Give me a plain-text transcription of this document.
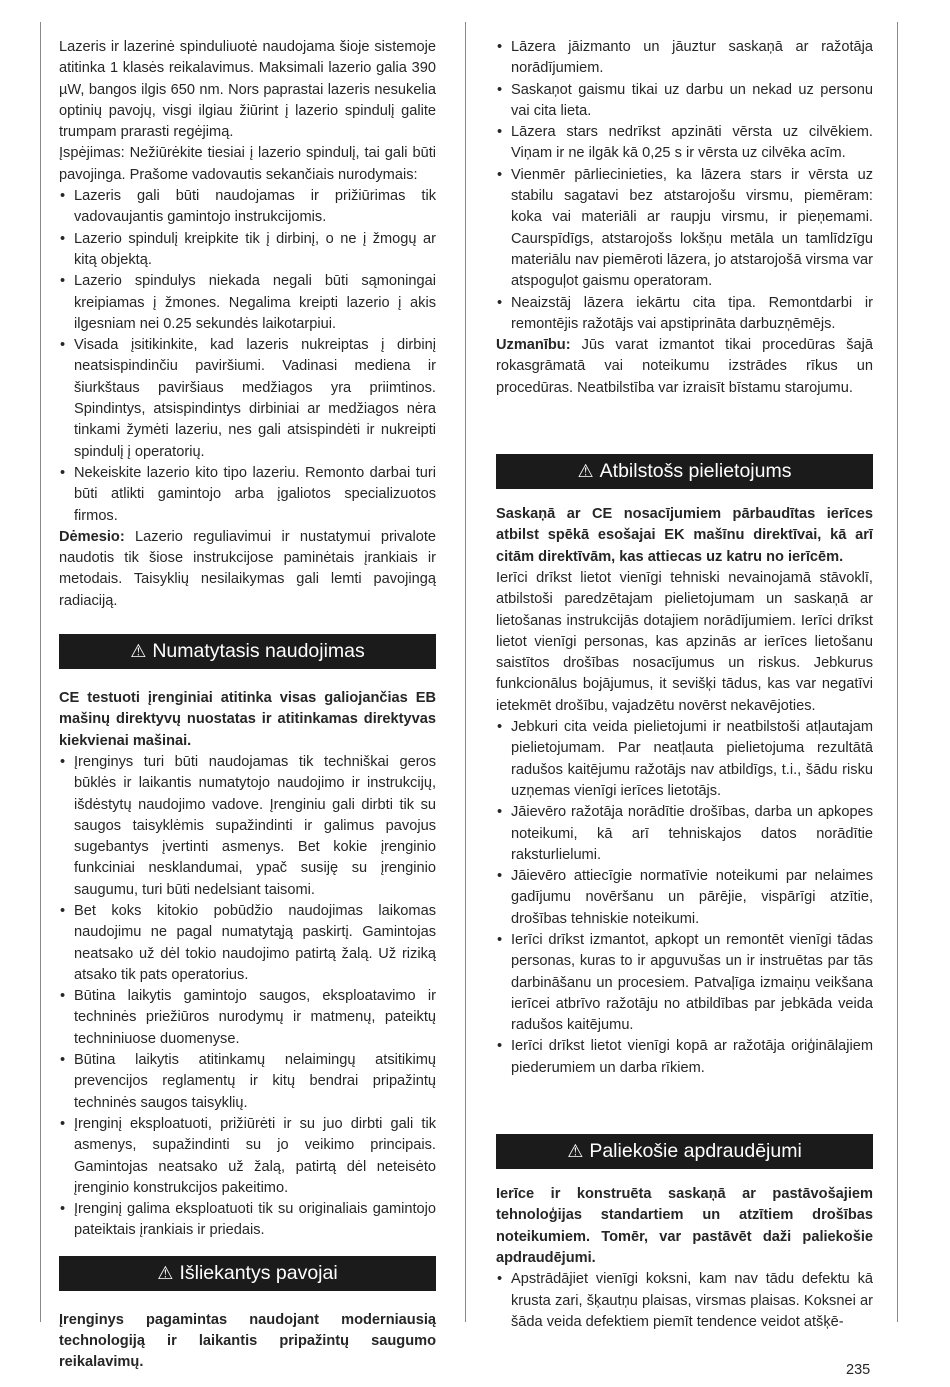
Lazeris ir lazerinė spinduliuotė naudojama šioje sistemoje atitinka 1 klasės reikalavimus. Maksimali lazerio galia 390 µW, bangos ilgis 650 nm. Nors paprastai lazeris nesukelia optinių pavojų, visgi ilgiau žiūrint į lazerio spindulį galite trumpam prarasti regėjimą.

Įspėjimas: Nežiūrėkite tiesiai į lazerio spindulį, tai gali būti pavojinga. Prašome vadovautis sekančiais nurodymais:

• Lazeris gali būti naudojamas ir prižiūrimas tik vadovaujantis gamintojo instrukcijomis.
• Lazerio spindulį kreipkite tik į dirbinį, o ne į žmogų ar kitą objektą.
• Lazerio spindulys niekada negali būti sąmoningai kreipiamas į žmones. Negalima kreipti lazerio į akis ilgesniam nei 0.25 sekundės laikotarpiui.
• Visada įsitikinkite, kad lazeris nukreiptas į dirbinį neatsispindinčiu paviršiumi. Vadinasi mediena ir šiurkštaus paviršiaus medžiagos yra priimtinos. Spindintys, atsispindintys dirbiniai ar medžiagos nėra tinkami žymėti lazeriu, nes gali atsispindėti ir nukreipti spindulį į operatorių.
• Nekeiskite lazerio kito tipo lazeriu. Remonto darbai turi būti atlikti gamintojo arba įgaliotos specializuotos firmos.

Dėmesio: Lazerio reguliavimui ir nustatymui privalote naudotis tik šiose instrukcijose paminėtais įrankiais ir metodais. Taisyklių nesilaikymas gali lemti pavojingą radiaciją.

⚠ Numatytasis naudojimas

CE testuoti įrenginiai atitinka visas galiojančias EB mašinų direktyvų nuostatas ir atitinkamas direktyvas kiekvienai mašinai.

• Įrenginys turi būti naudojamas tik techniškai geros būklės ir laikantis numatytojo naudojimo ir instrukcijų, išdėstytų naudojimo vadove. Įrenginiu gali dirbti tik su saugos taisyklėmis supažindinti ir galimus pavojus sugebantys įvertinti asmenys. Bet kokie įrenginio funkciniai nesklandumai, ypač susiję su įrenginio saugumu, turi būti nedelsiant taisomi.
• Bet koks kitokio pobūdžio naudojimas laikomas naudojimu ne pagal numatytąją paskirtį. Gamintojas neatsako už dėl tokio naudojimo patirtą žalą. Už riziką atsako tik pats operatorius.
• Būtina laikytis gamintojo saugos, eksploatavimo ir techninės priežiūros nurodymų ir matmenų, pateiktų techniniuose duomenyse.
• Būtina laikytis atitinkamų nelaimingų atsitikimų prevencijos reglamentų ir kitų bendrai pripažintų techninės saugos taisyklių.
• Įrenginį eksploatuoti, prižiūrėti ir su juo dirbti gali tik asmenys, supažindinti su jo veikimo principais. Gamintojas neatsako už žalą, patirtą dėl neteisėto įrenginio konstrukcijos pakeitimo.
• Įrenginį galima eksploatuoti tik su originaliais gamintojo pateiktais įrankiais ir priedais.
⚠ Išliekantys pavojai

Įrenginys pagamintas naudojant moderniausią technologiją ir laikantis pripažintų saugumo reikalavimų.

• Lāzera jāizmanto un jāuztur saskaņā ar ražotāja norādījumiem.
• Saskaņot gaismu tikai uz darbu un nekad uz personu vai cita lieta.
• Lāzera stars nedrīkst apzināti vērsta uz cilvēkiem. Viņam ir ne ilgāk kā 0,25 s ir vērsta uz cilvēka acīm.
• Vienmēr pārliecinieties, ka lāzera stars ir vērsta uz stabilu sagatavi bez atstarojošu virsmu, piemēram: koka vai materiāli ar raupju virsmu, ir pieņemami. Caurspīdīgs, atstarojošs lokšņu metāla un tamlīdzīgu materiālu nav piemēroti lāzera, jo atstarojošā virsma var atspoguļot gaismu operatoram.
• Neaizstāj lāzera iekārtu cita tipa. Remontdarbi ir remontējis ražotājs vai apstiprināta darbuzņēmējs.

Uzmanību: Jūs varat izmantot tikai procedūras šajā rokasgrāmatā vai noteikumu izstrādes rīkus un procedūras. Neatbilstība var izraisīt bīstamu starojumu.

⚠ Atbilstošs pielietojums

Saskaņā ar CE nosacījumiem pārbaudītas ierīces atbilst spēkā esošajai EK mašīnu direktīvai, kā arī citām direktīvām, kas attiecas uz katru no ierīcēm.

Ierīci drīkst lietot vienīgi tehniski nevainojamā stāvoklī, atbilstoši paredzētajam pielietojumam un saskaņā ar lietošanas instrukcijās dotajiem norādījumiem. Ierīci drīkst lietot vienīgi personas, kas apzinās ar ierīces lietošanu saistītos drošības nosacījumus un riskus. Jebkurus funkcionālus bojājumus, it sevišķi tādus, kas var negatīvi ietekmēt drošību, vajadzētu novērst nekavējoties.

• Jebkuri cita veida pielietojumi ir neatbilstoši atļautajam pielietojumam. Par neatļauta pielietojuma rezultātā radušos kaitējumu ražotājs nav atbildīgs, t.i., šādu risku uzņemas vienīgi ierīces lietotājs.
• Jāievēro ražotāja norādītie drošības, darba un apkopes noteikumi, kā arī tehniskajos datos norādītie raksturlielumi.
• Jāievēro attiecīgie normatīvie noteikumi par nelaimes gadījumu novēršanu un pārējie, vispārīgi atzītie, drošības tehniskie noteikumi.
• Ierīci drīkst izmantot, apkopt un remontēt vienīgi tādas personas, kuras to ir apguvušas un ir instruētas par tās darbināšanu un procesiem. Patvaļīga izmaiņu veikšana ierīcei atbrīvo ražotāju no atbildības par jebkāda veida radušos kaitējumu.
• Ierīci drīkst lietot vienīgi kopā ar ražotāja oriģinālajiem piederumiem un darba rīkiem.
⚠ Paliekošie apdraudējumi

Ierīce ir konstruēta saskaņā ar pastāvošajiem tehnoloģijas standartiem un atzītiem drošības noteikumiem. Tomēr, var pastāvēt daži paliekošie apdraudējumi.

• Apstrādājiet vienīgi koksni, kam nav tādu defektu kā krusta zari, šķautņu plaisas, virsmas plaisas. Koksnei ar šāda veida defektiem piemīt tendence veidot atšķē-
235
